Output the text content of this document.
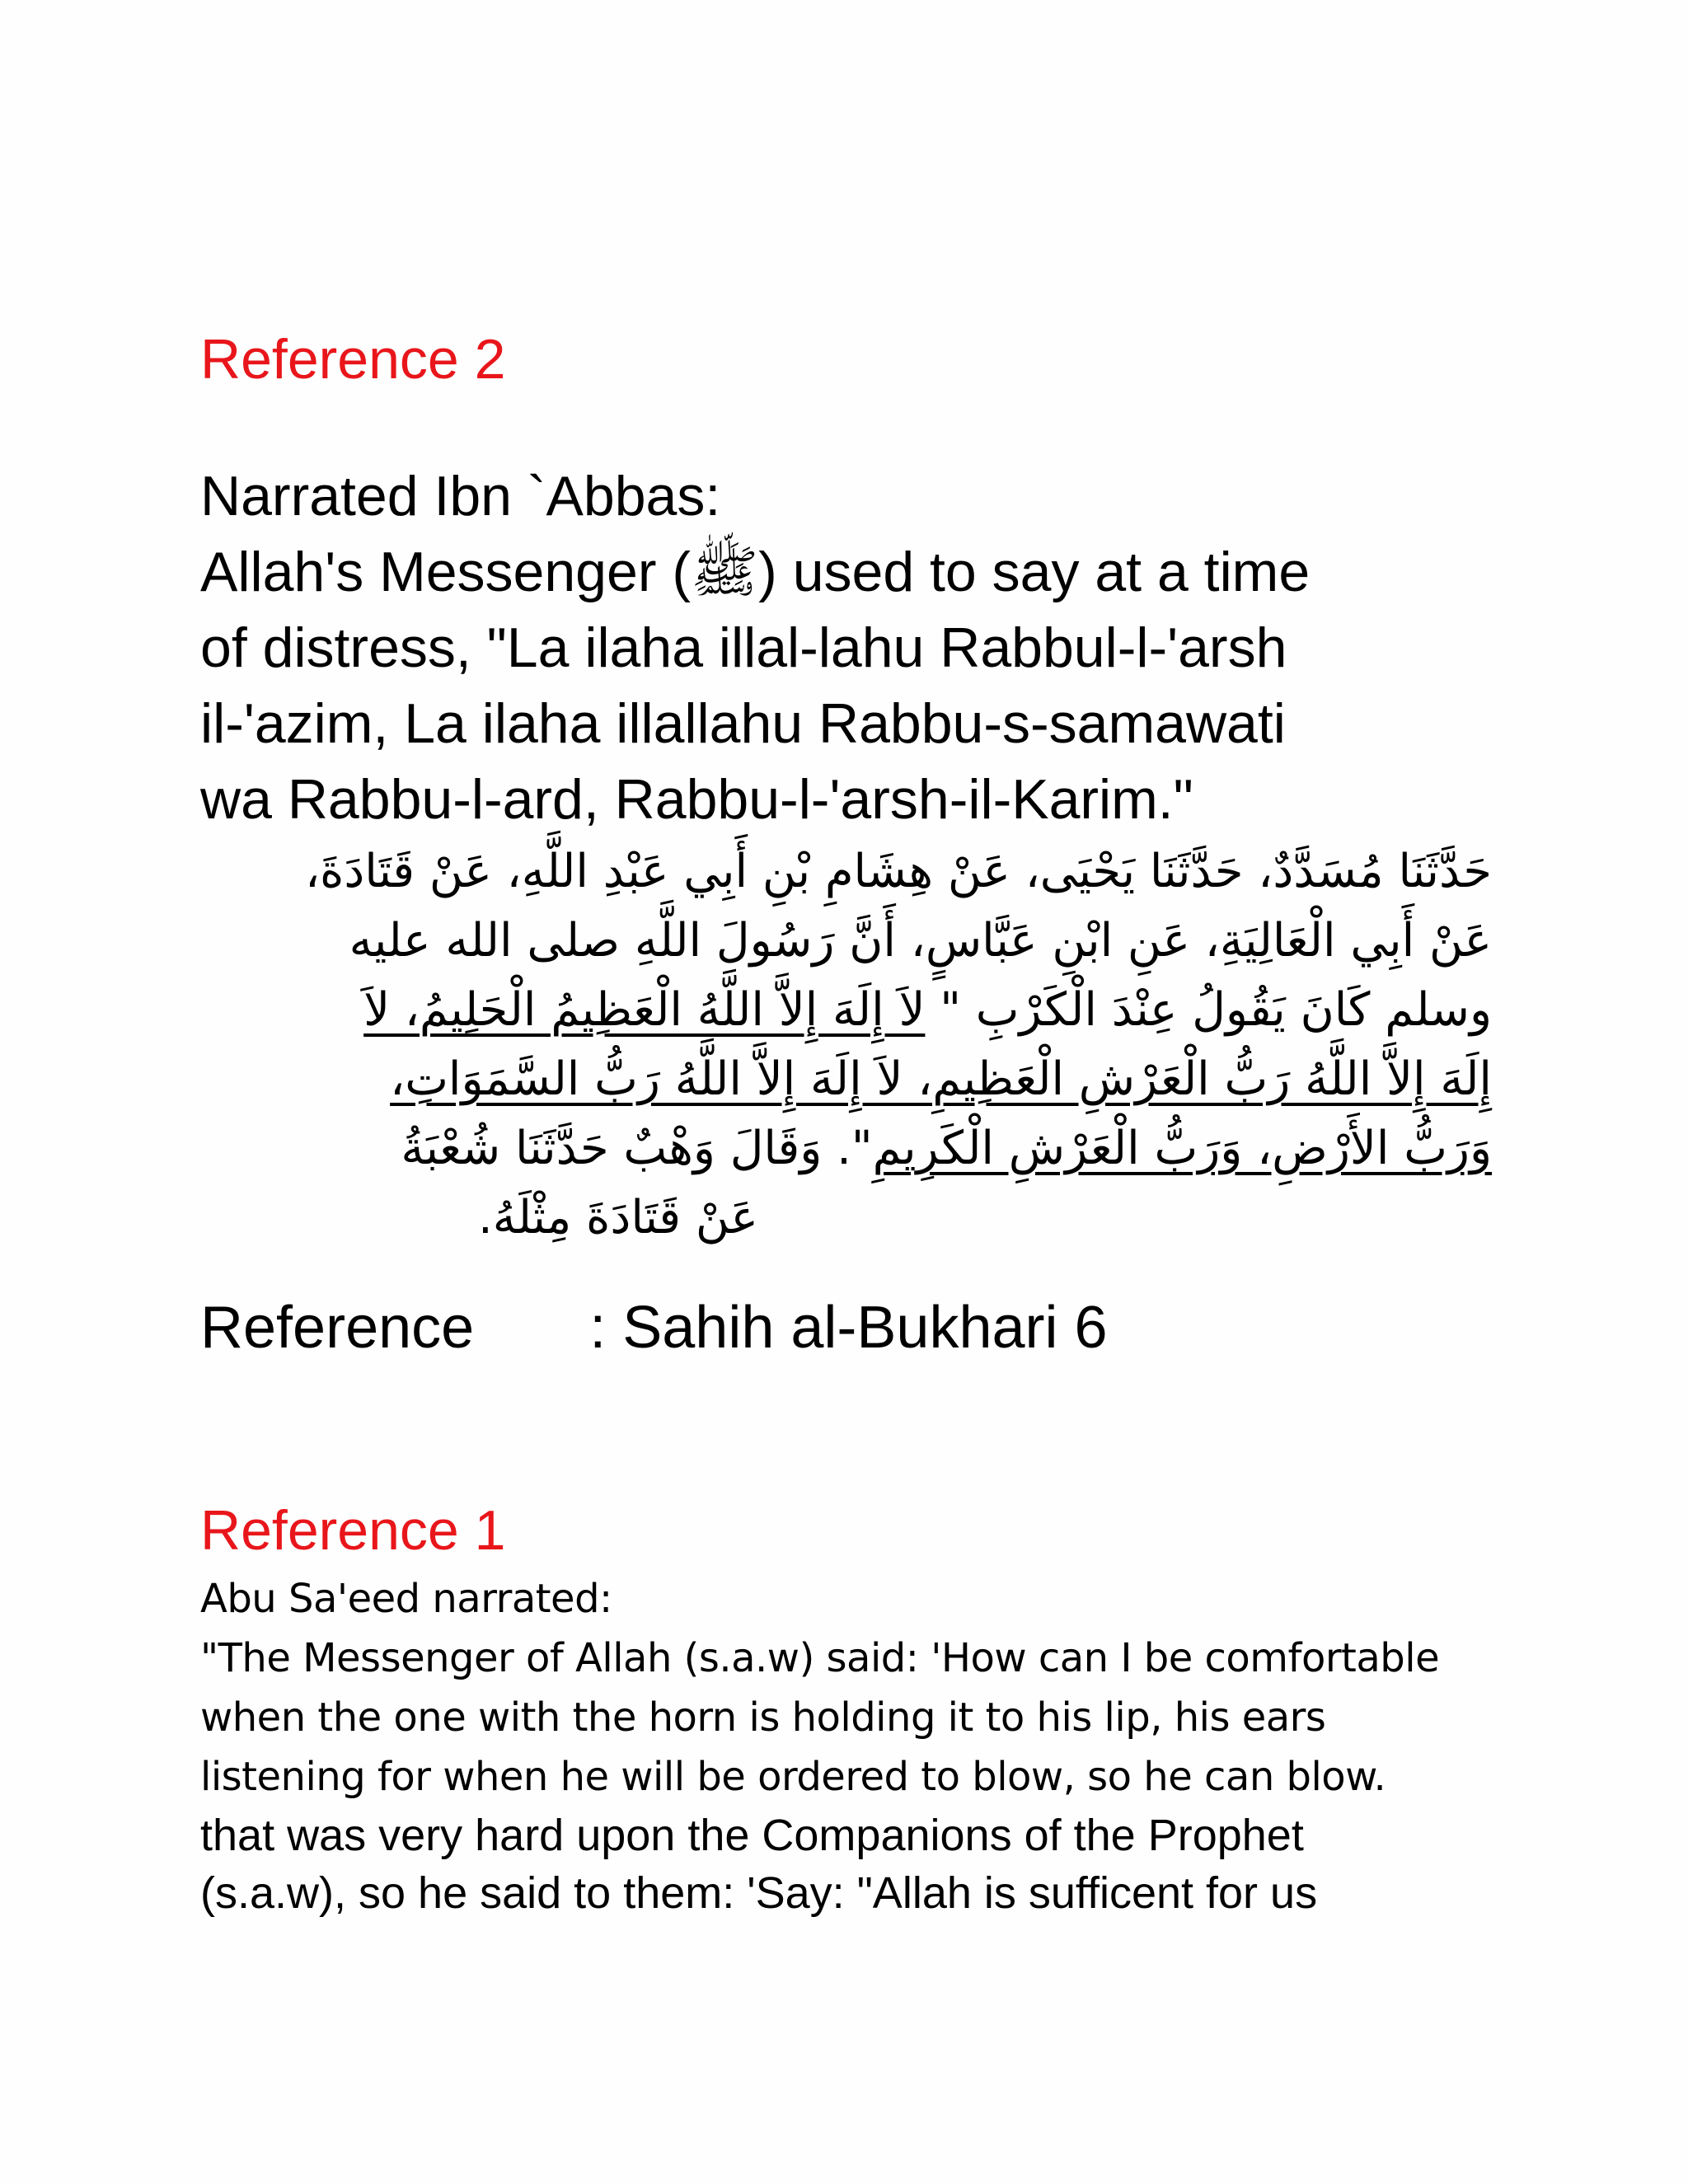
Reference 2
Narrated Ibn `Abbas:
Allah's Messenger (ﷺ) used to say at a time
of distress, "La ilaha illal-lahu Rabbul-l-'arsh
il-'azim, La ilaha illallahu Rabbu-s-samawati
wa Rabbu-l-ard, Rabbu-l-'arsh-il-Karim."
حَدَّثَنَا مُسَدَّدٌ، حَدَّثَنَا يَحْيَى، عَنْ هِشَامِ بْنِ أَبِي عَبْدِ اللَّهِ، عَنْ قَتَادَةَ،
عَنْ أَبِي الْعَالِيَةِ، عَنِ ابْنِ عَبَّاسٍ، أَنَّ رَسُولَ اللَّهِ صلى الله عليه
وسلم كَانَ يَقُولُ عِنْدَ الْكَرْبِ " لاَ إِلَهَ إِلاَّ اللَّهُ الْعَظِيمُ الْحَلِيمُ، لاَ
إِلَهَ إِلاَّ اللَّهُ رَبُّ الْعَرْشِ الْعَظِيمِ، لاَ إِلَهَ إِلاَّ اللَّهُ رَبُّ السَّمَوَاتِ،
وَرَبُّ الأَرْضِ، وَرَبُّ الْعَرْشِ الْكَرِيمِ". وَقَالَ وَهْبٌ حَدَّثَنَا شُعْبَةُ
عَنْ قَتَادَةَ مِثْلَهُ.
Reference : Sahih al-Bukhari 6
Reference 1
Abu Sa'eed narrated:
"The Messenger of Allah (s.a.w) said: 'How can I be comfortable
when the one with the horn is holding it to his lip, his ears
listening for when he will be ordered to blow, so he can blow.
that was very hard upon the Companions of the Prophet
(s.a.w), so he said to them: 'Say: "Allah is sufficent for us
